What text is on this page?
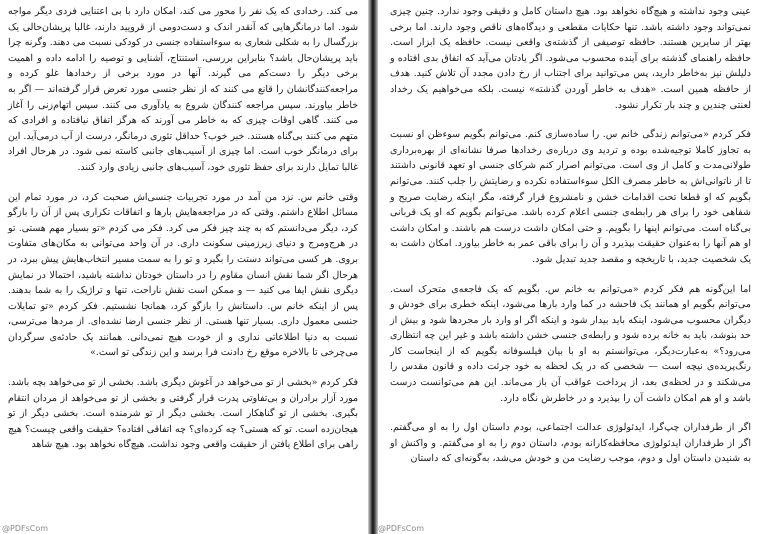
می کند. رخدادی که یک نفر را محور می کند، امکان دارد با بی اعتنایی فردی دیگر مواجه شود. اما درمانگرهایی که آنقدر اندک و دست‌دومی از قرویید دارند، غالبا پریشان‌حالی یک بزرگسال را به شکلی شعاری به سوءاستفاده جنسی در کودکی نسبت می دهند. وگرنه چرا باید پریشان‌حال باشد؟ بنابراین بررسی، استنتاج، آشنایی و توصیه را ادامه داده و اهمیت برخی دیگر را دست‌کم می گیرند. آنها در مورد برخی از رخدادها غلو کرده و مراجعه‌کنندگانشان را قانع می کنند که از نظر جنسی مورد تعرض قرار گرفته‌اند — اگر به خاطر بیاورند. سپس مراجعه کنندگان شروع به یادآوری می کنند. سپس اتهام‌زنی را آغاز می کنند. گاهی اوقات چیزی که به خاطر می آورند که هرگز اتفاق نیافتاده و افرادی که متهم می کنند بی‌گناه هستند. خبر خوب؟ حداقل تئوری درمانگر، درست از آب درمی‌آید. این برای درمانگر خوب است. اما چیزی از آسیب‌های جانبی کاسته نمی شود. در هرحال افراد غالبا تمایل دارند برای حفظ تئوری خود، آسیب‌های جانبی زیادی وارد کنند.

وقتی خانم س. نزد من آمد در مورد تجربیات جنسی‌اش صحبت کرد، در مورد تمام این مسائل اطلاع داشتم. وقتی که در مراجعه‌هایش بارها و اتفاقات تکراری پس از آن را بازگو کرد، دیگر می‌دانستم که به چند چیز فکر می کرد. فکر می کردم «تو بسیار مهم هستی. تو در هرج‌ومرج و دنیای زیرزمینی سکونت داری. در آن واحد می‌توانی به مکان‌های متفاوت بروی. هر کسی می‌تواند دستت را بگیرد و تو را به سمت مسیر انتخاب‌هایش پیش ببرد، در هرحال اگر شما نقش انسان مقاوم را در داستان خودتان نداشته باشید، احتمالا در نمایش دیگری نقش ایفا می کنید — و ممکن است نقش ناراحت، تنها و تراژیک را به شما بدهند. پس از اینکه خانم س. داستانش را بازگو کرد، همانجا نشستیم. فکر کردم «تو تمایلات جنسی معمول داری. بسیار تنها هستی. از نظر جنسی ارضا نشده‌ای. از مردها می‌ترسی، نسبت به دنیا اطلاعاتی نداری و از خودت هیچ نمی‌دانی. همانند یک حادثه‌ی سرگردان می‌چرخی تا بالاخره موقع رخ دادنت فرا برسد و این زندگی تو است.»

فکر کردم «بخشی از تو می‌خواهد در آغوش دیگری باشد. بخشی از تو می‌خواهد بچه باشد. مورد آزار برادران و بی‌تفاوتی پدرت قرار گرفتی و بخشی از تو می‌خواهد از مردان انتقام بگیری. بخشی از تو گناهکار است. بخشی دیگر از تو شرمنده است. بخشی دیگر از تو هیجان‌زده است. تو که هستی؟ چه کرده‌ای؟ چه اتفاقی افتاده؟ حقیقت واقعی چیست؟ هیچ راهی برای اطلاع یافتن از حقیقت واقعی وجود نداشت. هیچ‌گاه نخواهد بود. هیچ شاهد

@PDFsCom

عینی وجود نداشته و هیچ‌گاه نخواهد بود. هیچ داستان کامل و دقیقی وجود ندارد. چنین چیزی نمی‌تواند وجود داشته باشد. تنها حکایات مقطعی و دیدگاه‌های ناقص وجود دارند. اما برخی بهتر از سایرین هستند. حافظه توصیفی از گذشته‌ی واقعی نیست. حافظه یک ابزار است. حافظه راهنمای گذشته برای آینده محسوب می‌شود. اگر یادتان می‌آید که اتفاق بدی افتاده و دلیلش نیز به‌خاطر دارید، پس می‌توانید برای اجتناب از رخ دادن مجدد آن تلاش کنید. هدف از حافظه همین است. «هدف به خاطر آوردن گذشته» نیست. بلکه می‌خواهیم یک رخداد لعنتی چندین و چند بار تکرار نشود.

فکر کردم «می‌توانم زندگی خانم س. را ساده‌سازی کنم. می‌توانم بگویم سوءظن او نسبت به تجاوز کاملا توجیه‌شده بوده و تردید وی درباره‌ی رخدادها صرفا نشانه‌ای از بهره‌برداری طولانی‌مدت و کامل از وی است. می‌توانم اصرار کنم شرکای جنسی او تعهد قانونی داشتند تا از ناتوانی‌اش به خاطر مصرف الکل سوءاستفاده نکرده و رضایتش را جلب کنند. می‌توانم بگویم که او قطعا تحت اقدامات خشن و نامشروع قرار گرفته، مگر اینکه رضایت صریح و شفاهی خود را برای هر رابطه‌ی جنسی اعلام کرده باشد. می‌توانم بگویم که او یک قربانی بی‌گناه است. می‌توانم اینها را بگویم. و حتی امکان داشت درست هم باشند. و امکان داشت او هم آنها را به‌عنوان حقیقت بپذیرد و آن را برای باقی عمر به خاطر بیاورد. امکان داشت به یک شخصیت جدید، با تاریخچه و مقصد جدید تبدیل شود.

اما این‌گونه هم فکر کردم «می‌توانم به خانم س. بگویم که یک فاجعه‌ی متحرک است. می‌توانم بگویم او همانند یک فاحشه در کما وارد بارها می‌شود، اینکه خطری برای خودش و دیگران محسوب می‌شود، اینکه باید بیدار شود و اینکه اگر او وارد بار مجردها شود و بیش از حد بنوشد، باید به خانه برده شود و رابطه‌ی جنسی خشن داشته باشد و غیر این چه انتظاری می‌رود؟» به‌عبارت‌دیگر، می‌توانستم به او با بیان فیلسوفانه بگویم که از اینجاست کار رنگ‌پریده‌ی نیچه است — شخصی که در یک لحظه به خود جرئت داده و قانون مقدس را می‌شکند و در لحظه‌ی بعد، از پرداخت عواقب آن باز می‌ماند. این هم می‌توانست درست باشد و او هم امکان داشت آن را بپذیرد و در خاطرش نگاه دارد.

اگر از طرفداران چپ‌گرا، ایدئولوژی عدالت اجتماعی، بودم داستان اول را به او می‌گفتم. اگر از طرفداران ایدئولوژی محافظه‌کارانه بودم، داستان دوم را به او می‌گفتم. و واکنش او به شنیدن داستان اول و دوم، موجب رضایت من و خودش می‌شد، به‌گونه‌ای که داستان

@PDFsCom
